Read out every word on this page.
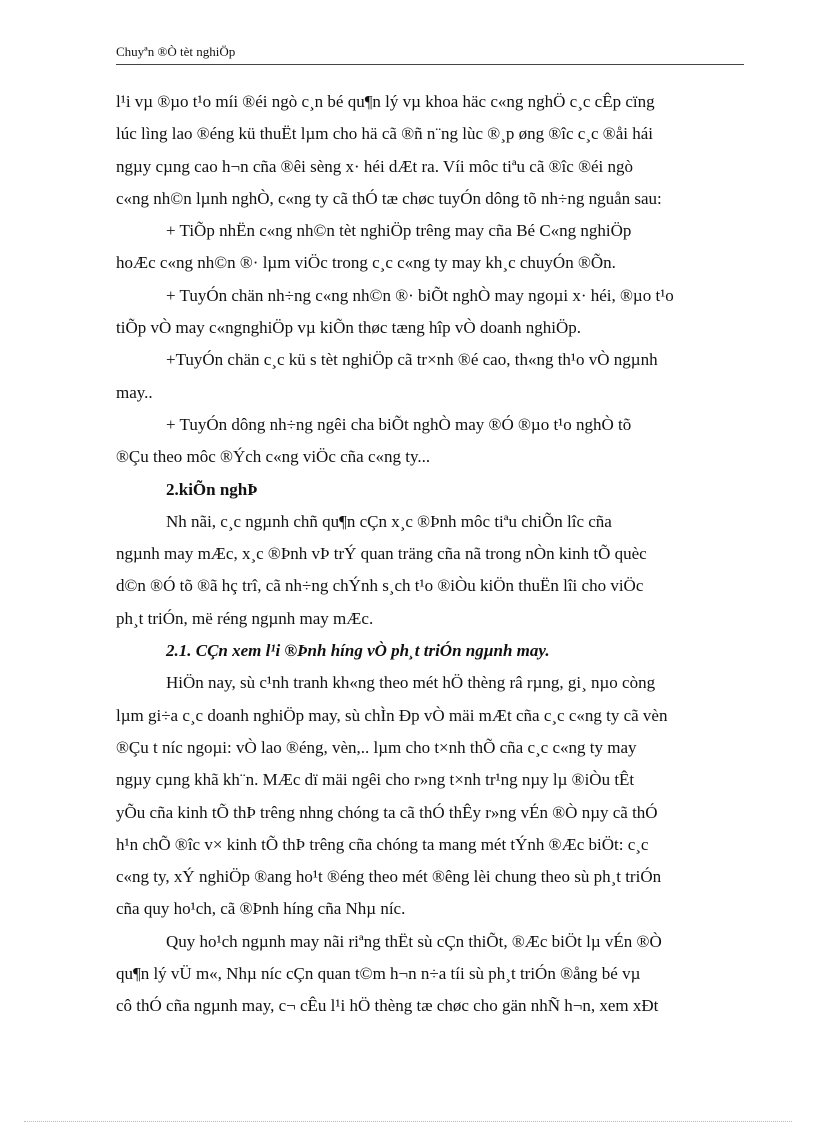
Chuyªn ®Ò tèt nghiÖp
l¹i vµ ®µo t¹o míi ®éi ngò c¸n bé qu¶n lý vµ khoa häc c«ng nghÖ c¸c cÊp cïng
lúc lìng lao ®éng kü thuËt lµm cho hä cã ®ñ n¨ng lùc ®¸p øng ®îc c¸c ®åi hái
ngµy cµng cao h¬n cña ®êi sèng x· héi dÆt ra. Víi môc tiªu cã ®îc ®éi ngò
c«ng nh©n lµnh nghÒ, c«ng ty cã thÓ tæ chøc tuyÓn dông tõ nh÷ng nguån sau:
+ TiÕp nhËn c«ng nh©n tèt nghiÖp trêng may cña Bé C«ng nghiÖp
hoÆc c«ng nh©n ®· lµm viÖc trong c¸c c«ng ty may kh¸c chuyÓn ®Õn.
+ TuyÓn chän nh÷ng c«ng nh©n ®· biÕt nghÒ may ngoµi x· héi, ®µo t¹o
tiÕp vÒ may c«ngnghiÖp vµ kiÕn thøc tæng hîp vÒ doanh nghiÖp.
+TuyÓn chän c¸c kü s tèt nghiÖp cã tr×nh ®é cao, th«ng th¹o vÒ ngµnh
may..
+ TuyÓn dông nh÷ng ngêi cha biÕt nghÒ may ®Ó ®µo t¹o nghÒ tõ
®Çu theo môc ®Ých c«ng viÖc cña c«ng ty...
2.kiÕn nghÞ
Nh nãi, c¸c ngµnh chñ qu¶n cÇn x¸c ®Þnh môc tiªu chiÕn lîc cña
ngµnh may mÆc, x¸c ®Þnh vÞ trÝ quan träng cña nã trong nÒn kinh tÕ quèc
d©n ®Ó tõ ®ã hç trî, cã nh÷ng chÝnh s¸ch t¹o ®iÒu kiÖn thuËn lîi cho viÖc
ph¸t triÓn, më réng ngµnh may mÆc.
2.1. CÇn xem l¹i ®Þnh híng vÒ ph¸t triÓn ngµnh may.
HiÖn nay, sù c¹nh tranh kh«ng theo mét hÖ thèng râ rµng, gi¸ nµo còng
lµm gi÷a c¸c doanh nghiÖp may, sù chÌn Ðp vÒ mäi mÆt cña c¸c c«ng ty cã vèn
®Çu t níc ngoµi: vÒ lao ®éng, vèn,.. lµm cho t×nh thÕ cña c¸c c«ng ty may
ngµy cµng khã kh¨n. MÆc dï mäi ngêi cho r»ng t×nh tr¹ng nµy lµ ®iÒu tÊt
yÕu cña kinh tÕ thÞ trêng nhng chóng ta cã thÓ thÊy r»ng vÉn ®Ò nµy cã thÓ
h¹n chÕ ®îc v× kinh tÕ thÞ trêng cña chóng ta mang mét tÝnh ®Æc biÖt: c¸c
c«ng ty, xÝ nghiÖp ®ang ho¹t ®éng theo mét ®êng lèi chung theo sù ph¸t triÓn
cña quy ho¹ch, cã ®Þnh híng cña Nhµ níc.
Quy ho¹ch ngµnh may nãi riªng thËt sù cÇn thiÕt, ®Æc biÖt lµ vÉn ®Ò
qu¶n lý vÜ m«, Nhµ níc cÇn quan t©m h¬n n÷a tíi sù ph¸t triÓn ®ång bé vµ
cô thÓ cña ngµnh may, c¬ cÊu l¹i hÖ thèng tæ chøc cho gän nhÑ h¬n, xem xÐt
